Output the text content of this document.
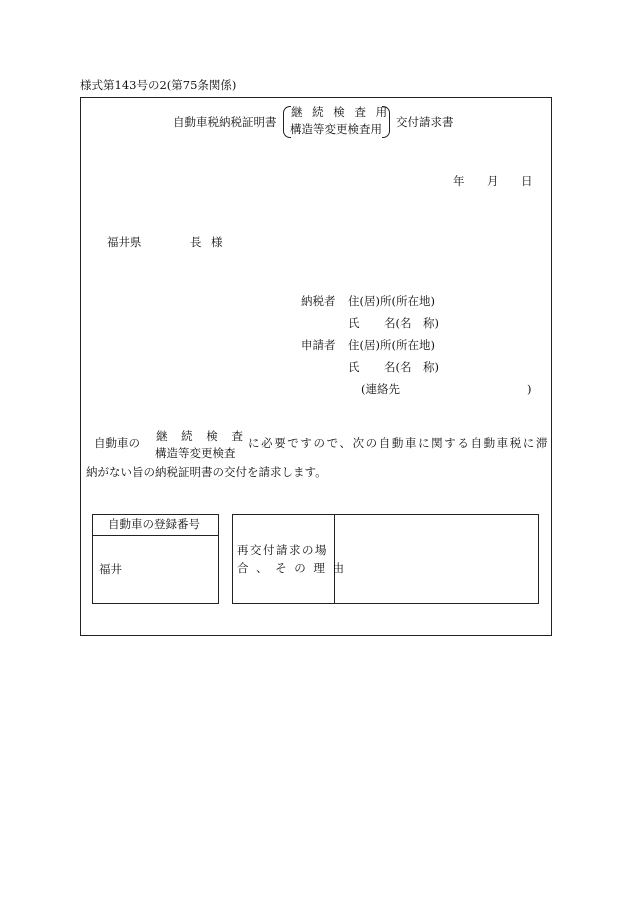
様式第143号の2(第75条関係)
自動車税納税証明書
継 続 検 査 用
構造等変更検査用 交付請求書
年 月 日
福井県	長 様
納税者 住(居)所(所在地)
氏 名(名　称)
申請者 住(居)所(所在地)
氏 名(名　称)
(連絡先	)
自動車の 継 続 検 査
構造等変更検査
に必要ですので、次の自動車に関する自動車税に滞
納がない旨の納税証明書の交付を請求します。
自動車の登録番号
福井
再交付請求の場
合、その理由
